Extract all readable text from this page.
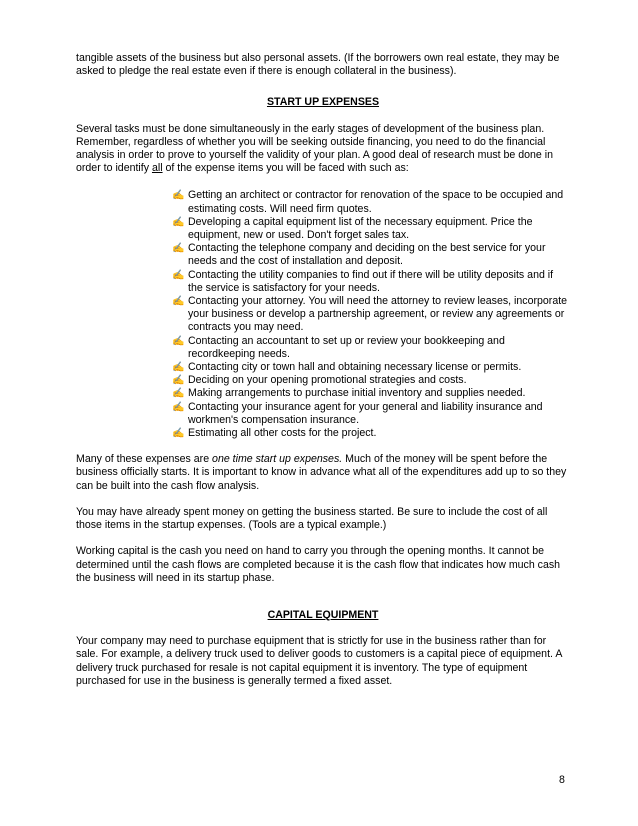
tangible assets of the business but also personal assets. (If the borrowers own real estate, they may be asked to pledge the real estate even if there is enough collateral in the business).

START UP EXPENSES

Several tasks must be done simultaneously in the early stages of development of the business plan. Remember, regardless of whether you will be seeking outside financing, you need to do the financial analysis in order to prove to yourself the validity of your plan. A good deal of research must be done in order to identify all of the expense items you will be faced with such as:

✍ Getting an architect or contractor for renovation of the space to be occupied and estimating costs. Will need firm quotes.
✍ Developing a capital equipment list of the necessary equipment. Price the equipment, new or used. Don't forget sales tax.
✍ Contacting the telephone company and deciding on the best service for your needs and the cost of installation and deposit.
✍ Contacting the utility companies to find out if there will be utility deposits and if the service is satisfactory for your needs.
✍ Contacting your attorney. You will need the attorney to review leases, incorporate your business or develop a partnership agreement, or review any agreements or contracts you may need.
✍ Contacting an accountant to set up or review your bookkeeping and recordkeeping needs.
✍ Contacting city or town hall and obtaining necessary license or permits.
✍ Deciding on your opening promotional strategies and costs.
✍ Making arrangements to purchase initial inventory and supplies needed.
✍ Contacting your insurance agent for your general and liability insurance and workmen's compensation insurance.
✍ Estimating all other costs for the project.

Many of these expenses are one time start up expenses. Much of the money will be spent before the business officially starts. It is important to know in advance what all of the expenditures add up to so they can be built into the cash flow analysis.

You may have already spent money on getting the business started. Be sure to include the cost of all those items in the startup expenses. (Tools are a typical example.)

Working capital is the cash you need on hand to carry you through the opening months. It cannot be determined until the cash flows are completed because it is the cash flow that indicates how much cash the business will need in its startup phase.

CAPITAL EQUIPMENT

Your company may need to purchase equipment that is strictly for use in the business rather than for sale. For example, a delivery truck used to deliver goods to customers is a capital piece of equipment. A delivery truck purchased for resale is not capital equipment it is inventory. The type of equipment purchased for use in the business is generally termed a fixed asset.

8
